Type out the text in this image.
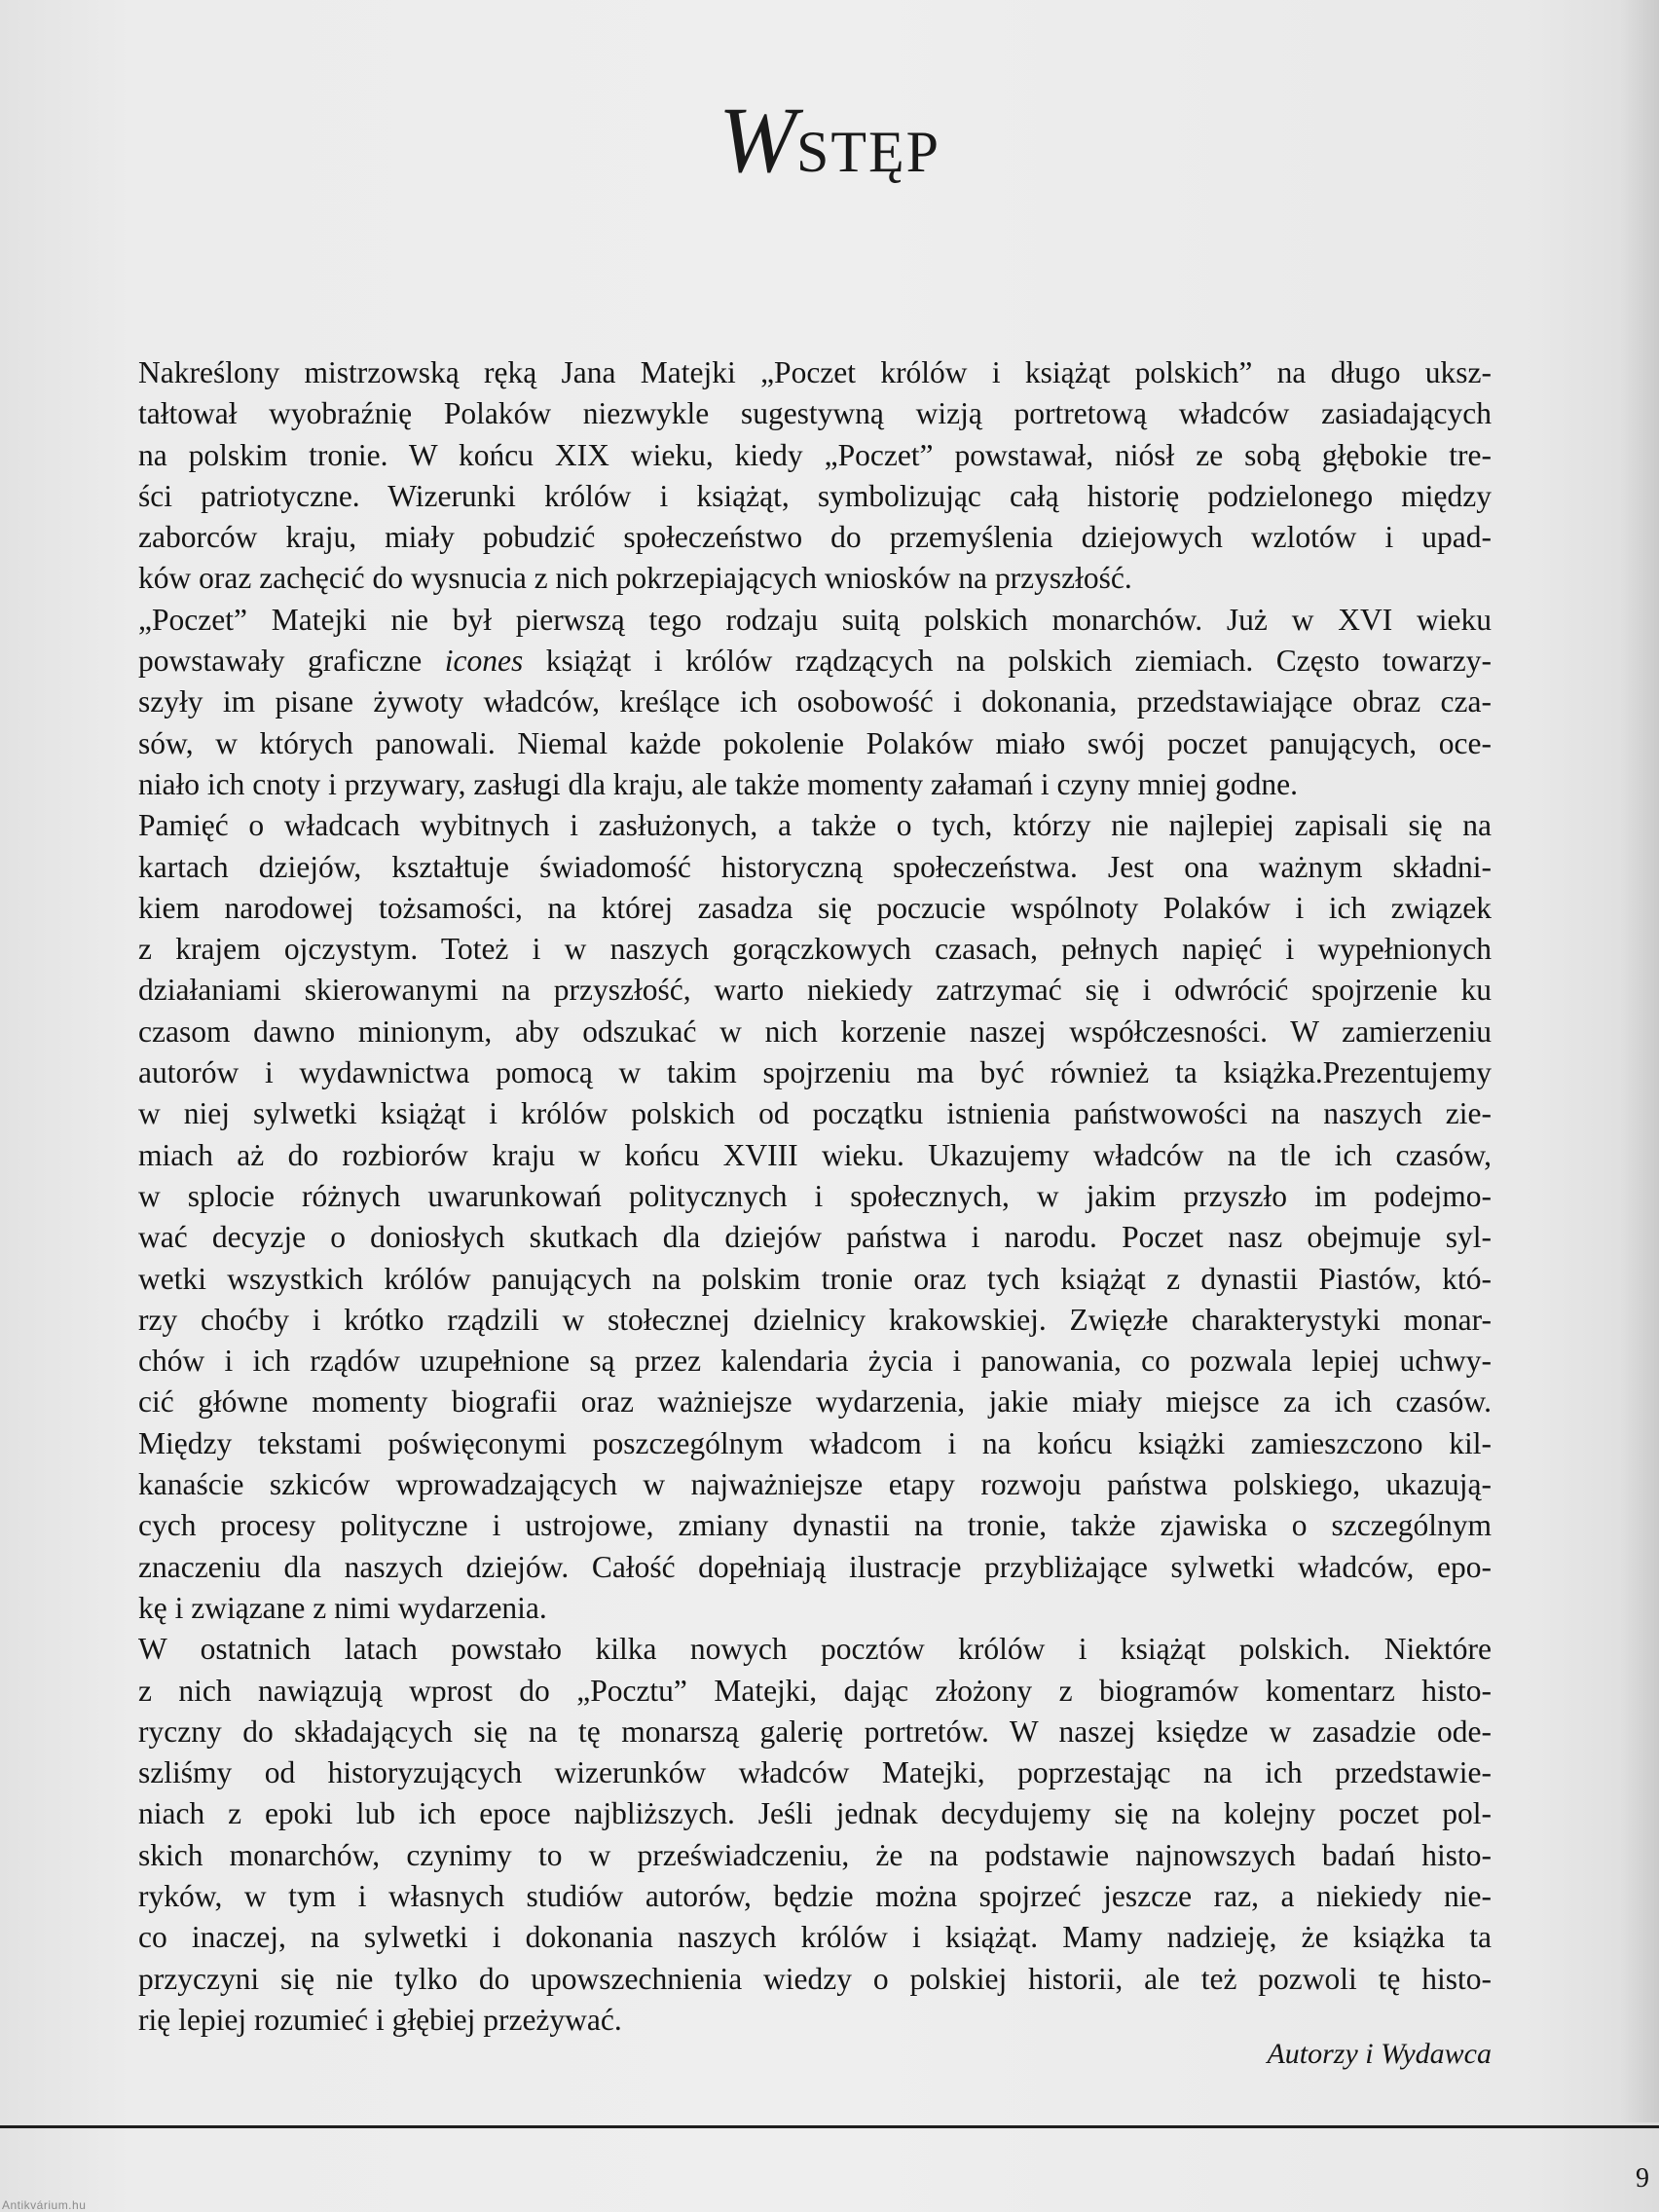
WSTĘP

Nakreślony mistrzowską ręką Jana Matejki „Poczet królów i książąt polskich” na długo uksz-
tałtował wyobraźnię Polaków niezwykle sugestywną wizją portretową władców zasiadających
na polskim tronie. W końcu XIX wieku, kiedy „Poczet” powstawał, niósł ze sobą głębokie tre-
ści patriotyczne. Wizerunki królów i książąt, symbolizując całą historię podzielonego między
zaborców kraju, miały pobudzić społeczeństwo do przemyślenia dziejowych wzlotów i upad-
ków oraz zachęcić do wysnucia z nich pokrzepiających wniosków na przyszłość.

„Poczet” Matejki nie był pierwszą tego rodzaju suitą polskich monarchów. Już w XVI wieku
powstawały graficzne icones książąt i królów rządzących na polskich ziemiach. Często towarzy-
szyły im pisane żywoty władców, kreślące ich osobowość i dokonania, przedstawiające obraz cza-
sów, w których panowali. Niemal każde pokolenie Polaków miało swój poczet panujących, oce-
niało ich cnoty i przywary, zasługi dla kraju, ale także momenty załamań i czyny mniej godne.

Pamięć o władcach wybitnych i zasłużonych, a także o tych, którzy nie najlepiej zapisali się na
kartach dziejów, kształtuje świadomość historyczną społeczeństwa. Jest ona ważnym składni-
kiem narodowej tożsamości, na której zasadza się poczucie wspólnoty Polaków i ich związek
z krajem ojczystym. Toteż i w naszych gorączkowych czasach, pełnych napięć i wypełnionych
działaniami skierowanymi na przyszłość, warto niekiedy zatrzymać się i odwrócić spojrzenie ku
czasom dawno minionym, aby odszukać w nich korzenie naszej współczesności. W zamierzeniu
autorów i wydawnictwa pomocą w takim spojrzeniu ma być również ta książka.Prezentujemy
w niej sylwetki książąt i królów polskich od początku istnienia państwowości na naszych zie-
miach aż do rozbiorów kraju w końcu XVIII wieku. Ukazujemy władców na tle ich czasów,
w splocie różnych uwarunkowań politycznych i społecznych, w jakim przyszło im podejmo-
wać decyzje o doniosłych skutkach dla dziejów państwa i narodu. Poczet nasz obejmuje syl-
wetki wszystkich królów panujących na polskim tronie oraz tych książąt z dynastii Piastów, któ-
rzy choćby i krótko rządzili w stołecznej dzielnicy krakowskiej. Zwięzłe charakterystyki monar-
chów i ich rządów uzupełnione są przez kalendaria życia i panowania, co pozwala lepiej uchwy-
cić główne momenty biografii oraz ważniejsze wydarzenia, jakie miały miejsce za ich czasów.
Między tekstami poświęconymi poszczególnym władcom i na końcu książki zamieszczono kil-
kanaście szkiców wprowadzających w najważniejsze etapy rozwoju państwa polskiego, ukazują-
cych procesy polityczne i ustrojowe, zmiany dynastii na tronie, także zjawiska o szczególnym
znaczeniu dla naszych dziejów. Całość dopełniają ilustracje przybliżające sylwetki władców, epo-
kę i związane z nimi wydarzenia.

W ostatnich latach powstało kilka nowych pocztów królów i książąt polskich. Niektóre
z nich nawiązują wprost do „Pocztu” Matejki, dając złożony z biogramów komentarz histo-
ryczny do składających się na tę monarszą galerię portretów. W naszej księdze w zasadzie ode-
szliśmy od historyzujących wizerunków władców Matejki, poprzestając na ich przedstawie-
niach z epoki lub ich epoce najbliższych. Jeśli jednak decydujemy się na kolejny poczet pol-
skich monarchów, czynimy to w przeświadczeniu, że na podstawie najnowszych badań histo-
ryków, w tym i własnych studiów autorów, będzie można spojrzeć jeszcze raz, a niekiedy nie-
co inaczej, na sylwetki i dokonania naszych królów i książąt. Mamy nadzieję, że książka ta
przyczyni się nie tylko do upowszechnienia wiedzy o polskiej historii, ale też pozwoli tę histo-
rię lepiej rozumieć i głębiej przeżywać.

Autorzy i Wydawca
9
Antikvárium.hu
